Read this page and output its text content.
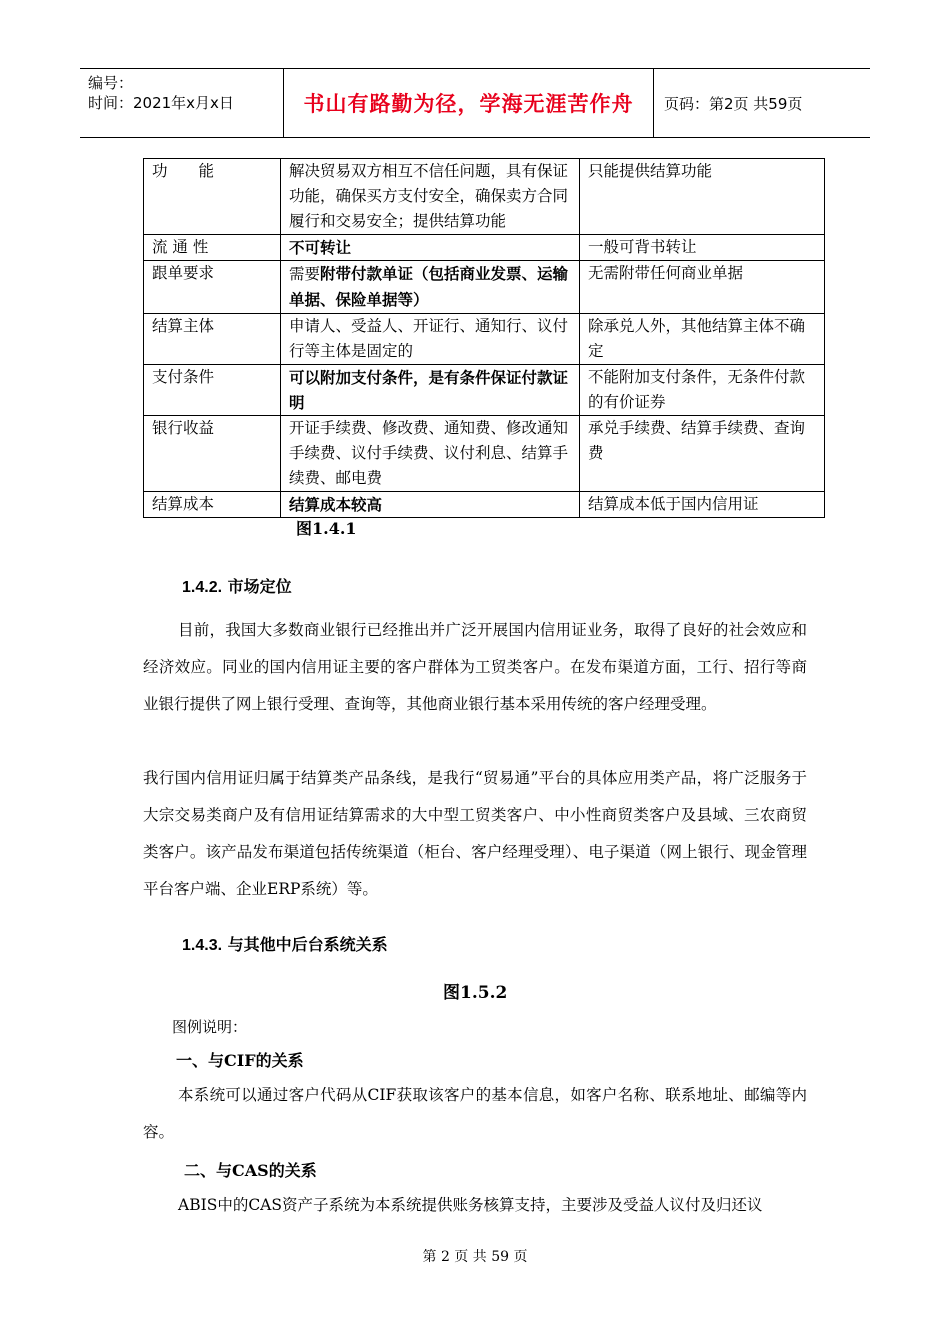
编号：
时间：2021年x月x日	书山有路勤为径，学海无涯苦作舟	页码：第2页 共59页
功　　能	解决贸易双方相互不信任问题，具有保证功能，确保买方支付安全，确保卖方合同履行和交易安全；提供结算功能	只能提供结算功能
流 通 性	不可转让	一般可背书转让
跟单要求	需要附带付款单证（包括商业发票、运输单据、保险单据等）	无需附带任何商业单据
结算主体	申请人、受益人、开证行、通知行、议付行等主体是固定的	除承兑人外，其他结算主体不确定
支付条件	可以附加支付条件，是有条件保证付款证明	不能附加支付条件，无条件付款的有价证券
银行收益	开证手续费、修改费、通知费、修改通知手续费、议付手续费、议付利息、结算手续费、邮电费	承兑手续费、结算手续费、查询费
结算成本	结算成本较高	结算成本低于国内信用证
图1.4.1
1.4.2. 市场定位
目前，我国大多数商业银行已经推出并广泛开展国内信用证业务，取得了良好的社会效应和经济效应。同业的国内信用证主要的客户群体为工贸类客户。在发布渠道方面，工行、招行等商业银行提供了网上银行受理、查询等，其他商业银行基本采用传统的客户经理受理。
我行国内信用证归属于结算类产品条线，是我行“贸易通”平台的具体应用类产品，将广泛服务于大宗交易类商户及有信用证结算需求的大中型工贸类客户、中小性商贸类客户及县域、三农商贸类客户。该产品发布渠道包括传统渠道（柜台、客户经理受理）、电子渠道（网上银行、现金管理平台客户端、企业ERP系统）等。
1.4.3. 与其他中后台系统关系
图1.5.2
图例说明：
一、与CIF的关系
本系统可以通过客户代码从CIF获取该客户的基本信息，如客户名称、联系地址、邮编等内容。
二、与CAS的关系
ABIS中的CAS资产子系统为本系统提供账务核算支持，主要涉及受益人议付及归还议
第 2 页 共 59 页
